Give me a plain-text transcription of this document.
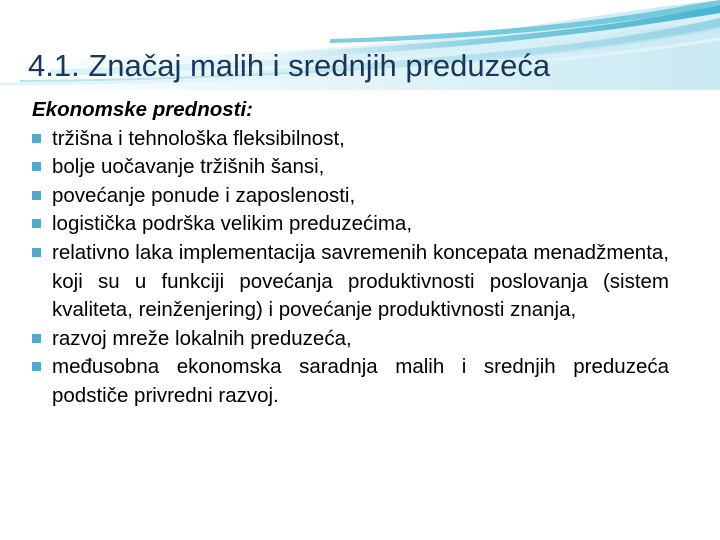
4.1. Značaj malih i srednjih preduzeća

Ekonomske prednosti:

tržišna i tehnološka fleksibilnost,
bolje uočavanje tržišnih šansi,
povećanje ponude i zaposlenosti,
logistička podrška velikim preduzećima,
relativno laka implementacija savremenih koncepata menadžmenta, koji su u funkciji povećanja produktivnosti poslovanja (sistem kvaliteta, reinženjering) i povećanje produktivnosti znanja,
razvoj mreže lokalnih preduzeća,
međusobna ekonomska saradnja malih i srednjih preduzeća podstiče privredni razvoj.
